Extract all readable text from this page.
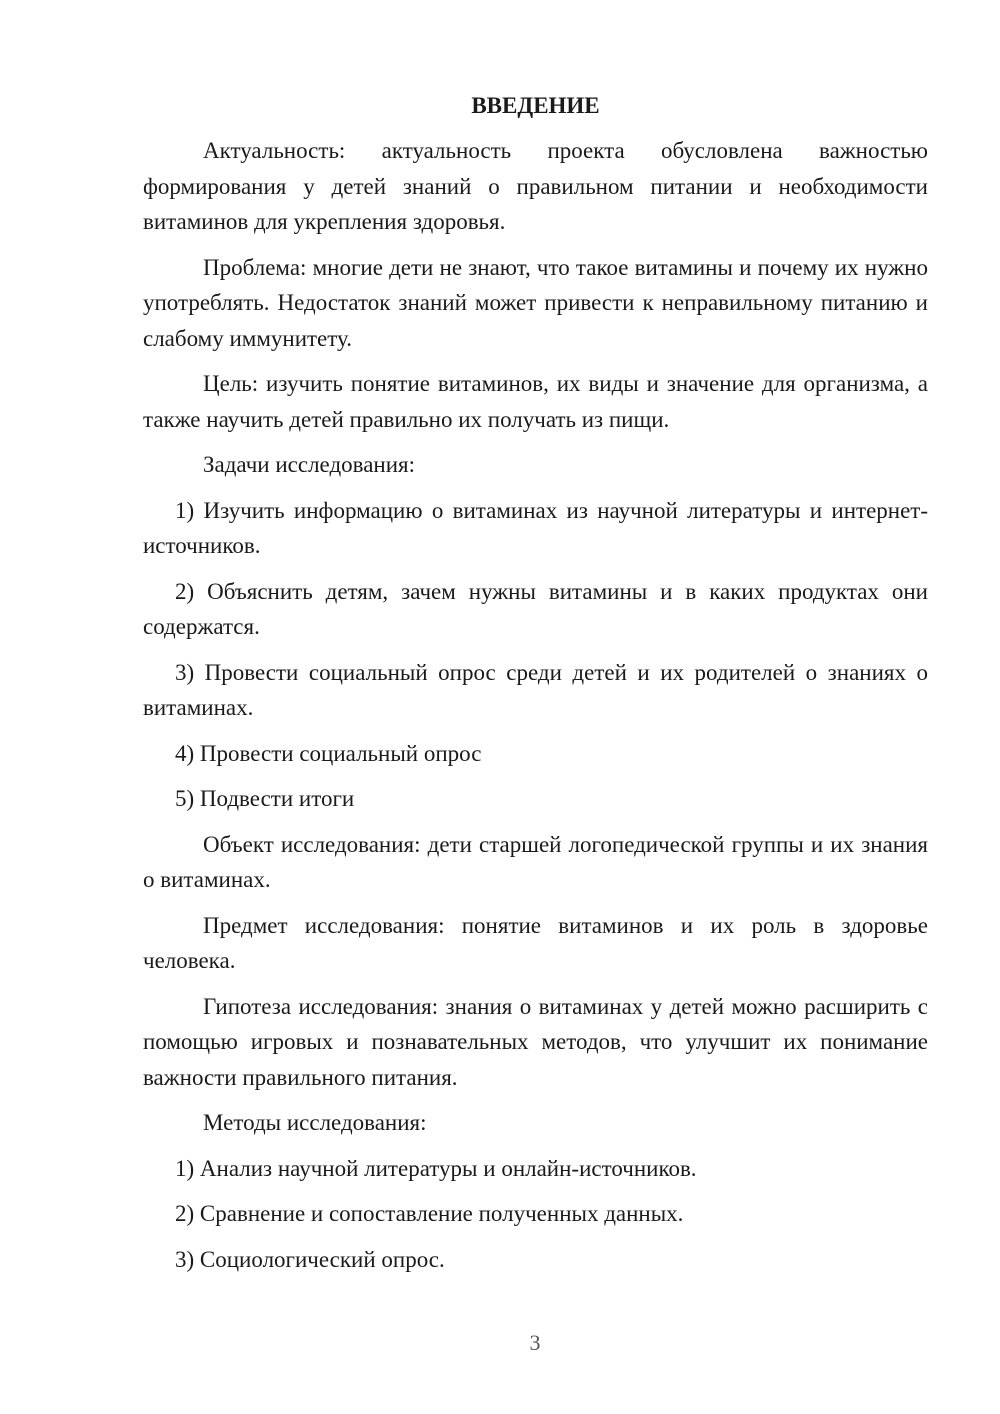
ВВЕДЕНИЕ

Актуальность: актуальность проекта обусловлена важностью формирования у детей знаний о правильном питании и необходимости витаминов для укрепления здоровья.

Проблема: многие дети не знают, что такое витамины и почему их нужно употреблять. Недостаток знаний может привести к неправильному питанию и слабому иммунитету.

Цель: изучить понятие витаминов, их виды и значение для организма, а также научить детей правильно их получать из пищи.

Задачи исследования:

1) Изучить информацию о витаминах из научной литературы и интернет-источников.

2) Объяснить детям, зачем нужны витамины и в каких продуктах они содержатся.

3) Провести социальный опрос среди детей и их родителей о знаниях о витаминах.

4) Провести социальный опрос

5) Подвести итоги

Объект исследования: дети старшей логопедической группы и их знания о витаминах.

Предмет исследования: понятие витаминов и их роль в здоровье человека.

Гипотеза исследования: знания о витаминах у детей можно расширить с помощью игровых и познавательных методов, что улучшит их понимание важности правильного питания.

Методы исследования:

1) Анализ научной литературы и онлайн-источников.

2) Сравнение и сопоставление полученных данных.

3) Социологический опрос.

3
